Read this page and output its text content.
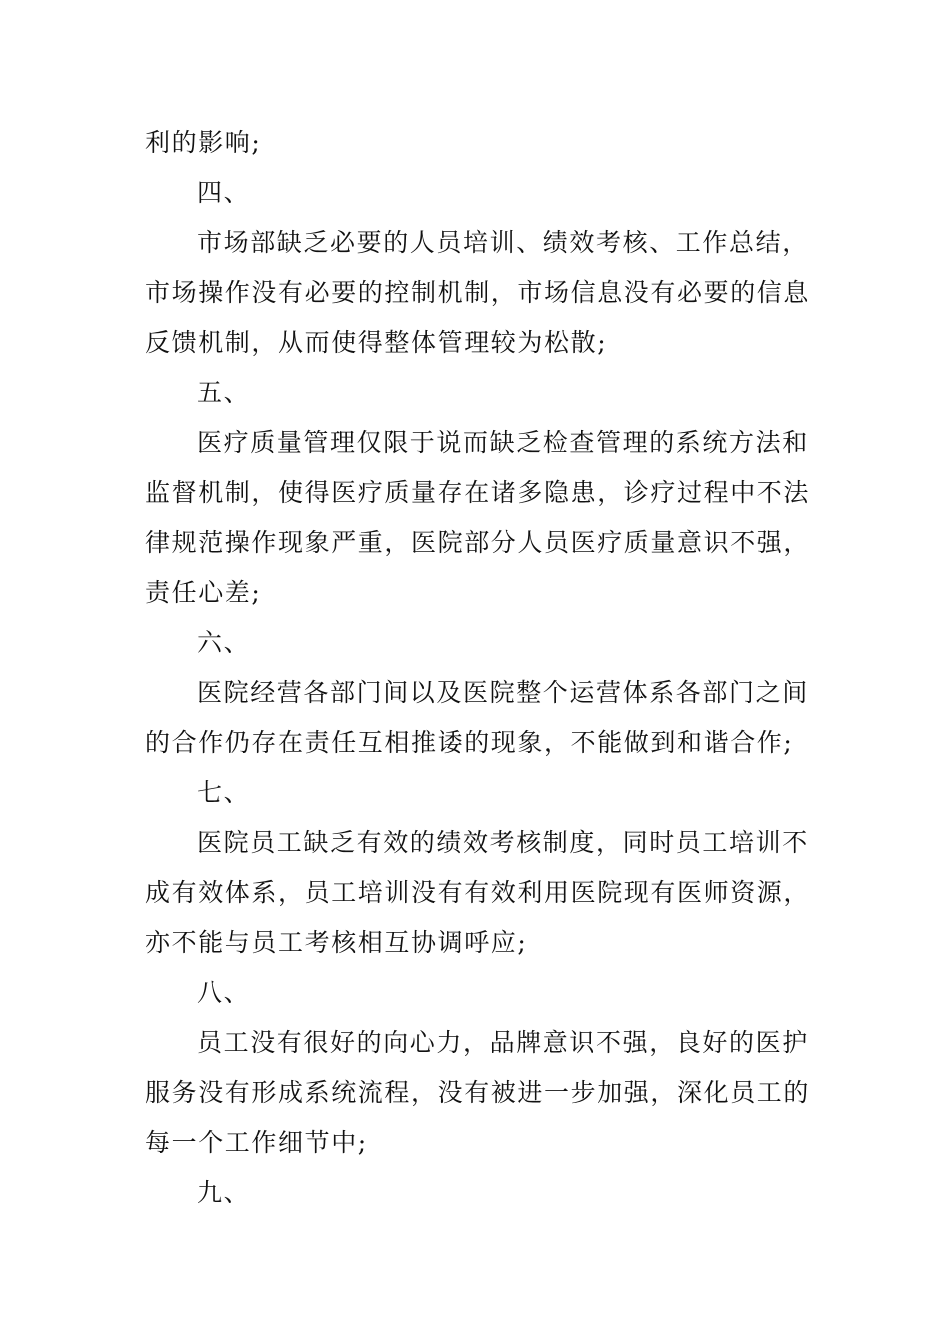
利的影响;
四、
市场部缺乏必要的人员培训、绩效考核、工作总结，
市场操作没有必要的控制机制，市场信息没有必要的信息
反馈机制，从而使得整体管理较为松散;
五、
医疗质量管理仅限于说而缺乏检查管理的系统方法和
监督机制，使得医疗质量存在诸多隐患，诊疗过程中不法
律规范操作现象严重，医院部分人员医疗质量意识不强，
责任心差;
六、
医院经营各部门间以及医院整个运营体系各部门之间
的合作仍存在责任互相推诿的现象，不能做到和谐合作;
七、
医院员工缺乏有效的绩效考核制度，同时员工培训不
成有效体系，员工培训没有有效利用医院现有医师资源，
亦不能与员工考核相互协调呼应;
八、
员工没有很好的向心力，品牌意识不强，良好的医护
服务没有形成系统流程，没有被进一步加强，深化员工的
每一个工作细节中;
九、
